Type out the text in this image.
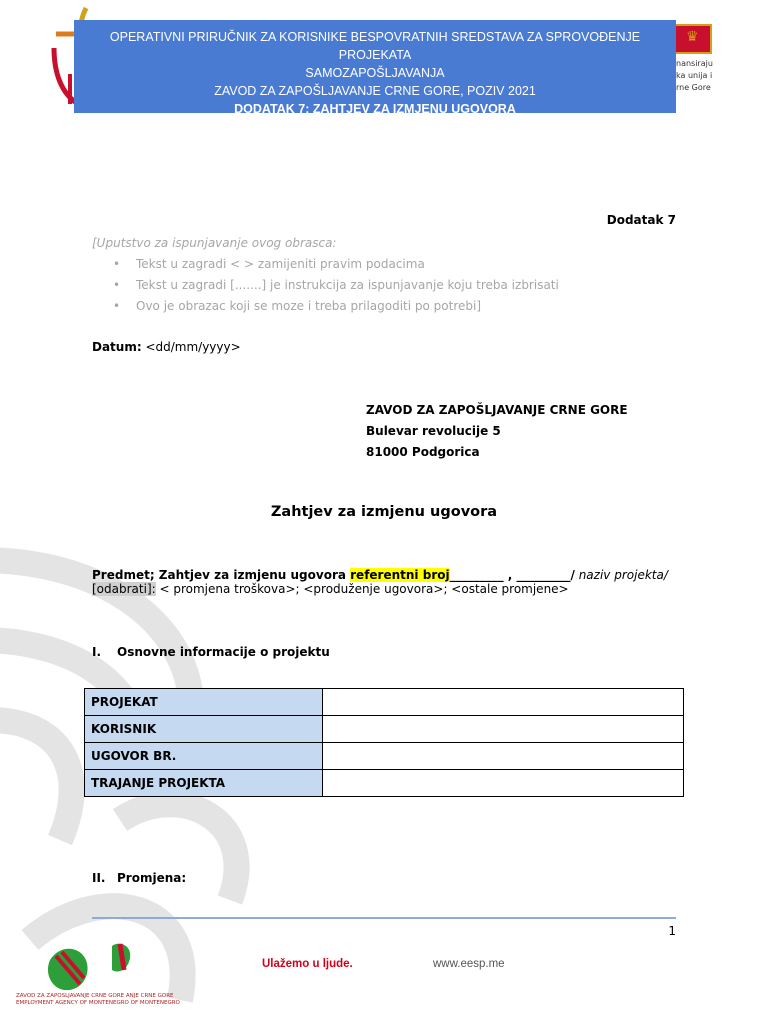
♛
nansiraju
ka unija i
rne Gore
OPERATIVNI PRIRUČNIK ZA KORISNIKE BESPOVRATNIH SREDSTAVA ZA SPROVOĐENJE PROJEKATA
SAMOZAPOŠLJAVANJA
ZAVOD ZA ZAPOŠLJAVANJE CRNE GORE, POZIV 2021
DODATAK 7: ZAHTJEV ZA IZMJENU UGOVORA
Dodatak 7
[Uputstvo za ispunjavanje ovog obrasca:
• Tekst u zagradi < > zamijeniti pravim podacima
• Tekst u zagradi [.......] je instrukcija za ispunjavanje koju treba izbrisati
• Ovo je obrazac koji se moze i treba prilagoditi po potrebi]
Datum: <dd/mm/yyyy>
ZAVOD ZA ZAPOŠLJAVANJE CRNE GORE
Bulevar revolucije 5
81000 Podgorica
Zahtjev za izmjenu ugovora
Predmet; Zahtjev za izmjenu ugovora referentni broj_________ , _________/ naziv projekta/
[odabrati]: < promjena troškova>; <produženje ugovora>; <ostale promjene>
I. Osnovne informacije o projektu
PROJEKAT	
KORISNIK	
UGOVOR BR.	
TRAJANJE PROJEKTA	
II. Promjena:
1
ZAVOD ZA ZAPOŠLJAVANJE CRNE GORE ANJE CRNE GORE
EMPLOYMENT AGENCY OF MONTENEGRO OF MONTENEGRO
Ulažemo u ljude.	www.eesp.me
